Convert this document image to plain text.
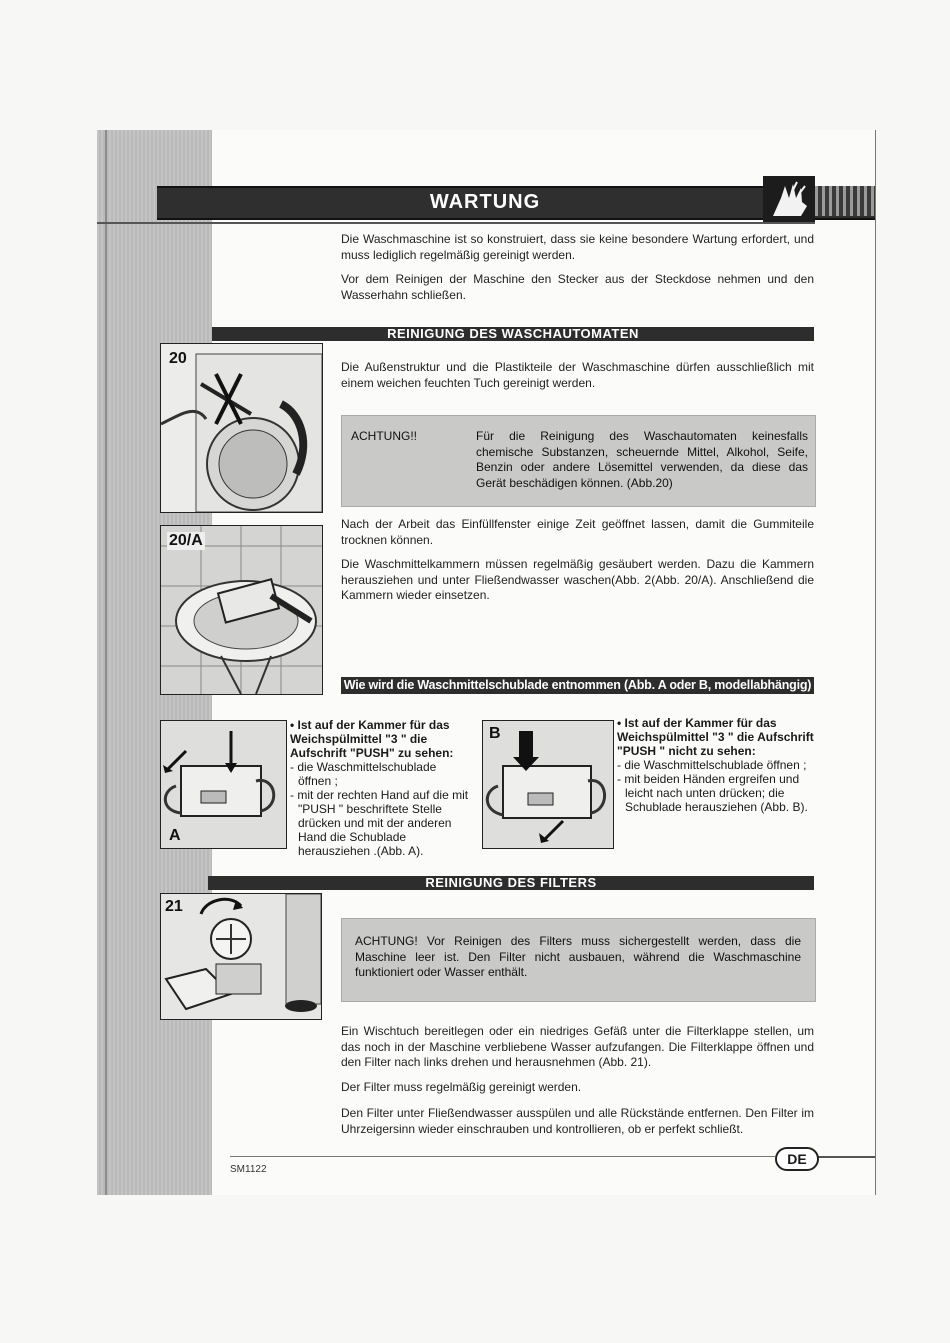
WARTUNG
Die Waschmaschine ist so konstruiert, dass sie keine besondere Wartung erfordert, und muss lediglich regelmäßig gereinigt werden.
Vor dem Reinigen der Maschine den Stecker aus der Steckdose nehmen und den Wasserhahn schließen.
REINIGUNG DES WASCHAUTOMATEN
20	Die Außenstruktur und die Plastikteile der Waschmaschine dürfen ausschließlich mit einem weichen feuchten Tuch gereinigt werden.
ACHTUNG!!	Für die Reinigung des Waschautomaten keinesfalls chemische Substanzen, scheuernde Mittel, Alkohol, Seife, Benzin oder andere Lösemittel verwenden, da diese das Gerät beschädigen können. (Abb.20)
20/A
Nach der Arbeit das Einfüllfenster einige Zeit geöffnet lassen, damit die Gummiteile trocknen können.
Die Waschmittelkammern müssen regelmäßig gesäubert werden. Dazu die Kammern herausziehen und unter Fließendwasser waschen(Abb. 2(Abb. 20/A). Anschließend die Kammern wieder einsetzen.
Wie wird die Waschmittelschublade entnommen (Abb. A oder B, modellabhängig)
A
• Ist auf der Kammer für das Weichspülmittel "3 " die Aufschrift "PUSH" zu sehen:
- die Waschmittelschublade öffnen ;
- mit der rechten Hand auf die mit "PUSH " beschriftete Stelle drücken und mit der anderen Hand die Schublade herausziehen .(Abb. A).
B
• Ist auf der Kammer für das Weichspülmittel "3 " die Aufschrift "PUSH " nicht zu sehen:
- die Waschmittelschublade öffnen ;
- mit beiden Händen ergreifen und leicht nach unten drücken; die Schublade herausziehen (Abb. B).
REINIGUNG DES FILTERS
21
ACHTUNG! Vor Reinigen des Filters muss sichergestellt werden, dass die Maschine leer ist. Den Filter nicht ausbauen, während die Waschmaschine funktioniert oder Wasser enthält.
Ein Wischtuch bereitlegen oder ein niedriges Gefäß unter die Filterklappe stellen, um das noch in der Maschine verbliebene Wasser aufzufangen. Die Filterklappe öffnen und den Filter nach links drehen und herausnehmen (Abb. 21).
Der Filter muss regelmäßig gereinigt werden.
Den Filter unter Fließendwasser ausspülen und alle Rückstände entfernen. Den Filter im Uhrzeigersinn wieder einschrauben und kontrollieren, ob er perfekt schließt.
SM1122
DE
